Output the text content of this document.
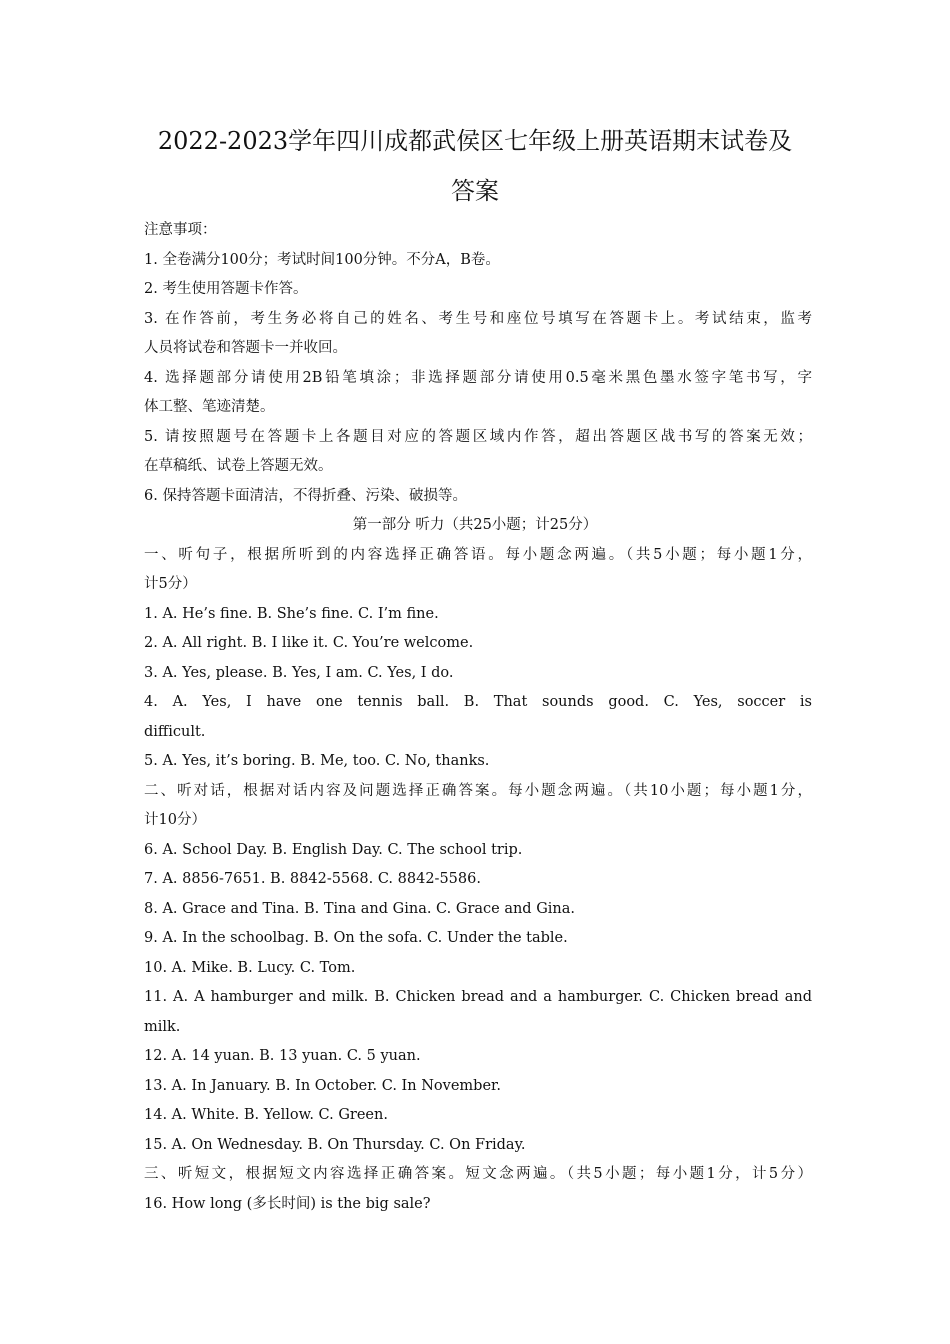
2022-2023学年四川成都武侯区七年级上册英语期末试卷及
答案
注意事项：
1. 全卷满分100分；考试时间100分钟。不分A，B卷。
2. 考生使用答题卡作答。
3. 在作答前，考生务必将自己的姓名、考生号和座位号填写在答题卡上。考试结束，监考
人员将试卷和答题卡一并收回。
4. 选择题部分请使用2B铅笔填涂；非选择题部分请使用0.5毫米黑色墨水签字笔书写，字
体工整、笔迹清楚。
5. 请按照题号在答题卡上各题目对应的答题区域内作答，超出答题区战书写的答案无效；
在草稿纸、试卷上答题无效。
6. 保持答题卡面清洁，不得折叠、污染、破损等。
第一部分 听力（共25小题；计25分）
一、听句子，根据所听到的内容选择正确答语。每小题念两遍。（共5小题；每小题1分，
计5分）
1. A. He’s fine. B. She’s fine. C. I’m fine.
2. A. All right. B. I like it. C. You’re welcome.
3. A. Yes, please. B. Yes, I am. C. Yes, I do.
4. A. Yes, I have one tennis ball. B. That sounds good. C. Yes, soccer is
difficult.
5. A. Yes, it’s boring. B. Me, too. C. No, thanks.
二、听对话，根据对话内容及问题选择正确答案。每小题念两遍。（共10小题；每小题1分，
计10分）
6. A. School Day. B. English Day. C. The school trip.
7. A. 8856-7651. B. 8842-5568. C. 8842-5586.
8. A. Grace and Tina. B. Tina and Gina. C. Grace and Gina.
9. A. In the schoolbag. B. On the sofa. C. Under the table.
10. A. Mike. B. Lucy. C. Tom.
11. A. A hamburger and milk. B. Chicken bread and a hamburger. C. Chicken bread and
milk.
12. A. 14 yuan. B. 13 yuan. C. 5 yuan.
13. A. In January. B. In October. C. In November.
14. A. White. B. Yellow. C. Green.
15. A. On Wednesday. B. On Thursday. C. On Friday.
三、听短文，根据短文内容选择正确答案。短文念两遍。（共5小题；每小题1分，计5分）
16. How long (多长时间) is the big sale?
